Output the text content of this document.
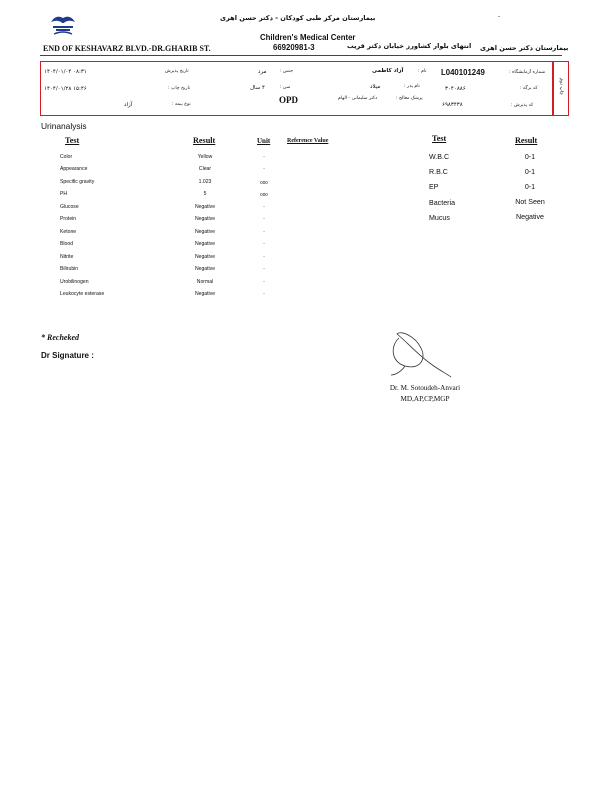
بیمارستان مرکز طبی کودکان - دکتر حسن اهری	-
Children's Medical Center
END OF KESHAVARZ BLVD.-DR.GHARIB ST.	66920981-3	انتهای بلوار کشاورز خیابان دکتر قریب بیمارستان دکتر حسن اهری
چاپ دوم
شماره آزمایشگاه :
L040101249
نام :
آزاد کاظمی
جنس :
مرد
تاریخ پذیرش
۱۴۰۴/۰۱/۰۴ ۰۸:۳۱
کد برگه :
۳۰۴۰۸۸۶
نام پدر :
میلاد
سن :
۴ سال
تاریخ چاپ :
۱۴۰۴/۰۱/۲۸ ۱۵:۴۶
کد پذیرش :
۶۹۸۳۴۳۸
پزشک معالج :
دکتر سلیمانی - الهام
OPD
نوع بیمه :
آزاد
Urinanalysis
Test	Result	Unit	Reference Value
Color	Yellow	-
Appearance	Clear	-
Specific gravity	1.023	000
PH	5	000
Glucose	Negative	-
Protein	Negative	-
Ketone	Negative	-
Blood	Negative	-
Nitrite	Negative	-
Bilirubin	Negative	-
Urobilinogen	Normal	-
Leukocyte esterase	Negative	-
Test	Result
W.B.C	0-1
R.B.C	0-1
EP	0-1
Bacteria	Not Seen
Mucus	Negative
* Recheked
Dr Signature :
Dr. M. Sotoudeh-Anvari
MD,AP,CP,MGP
